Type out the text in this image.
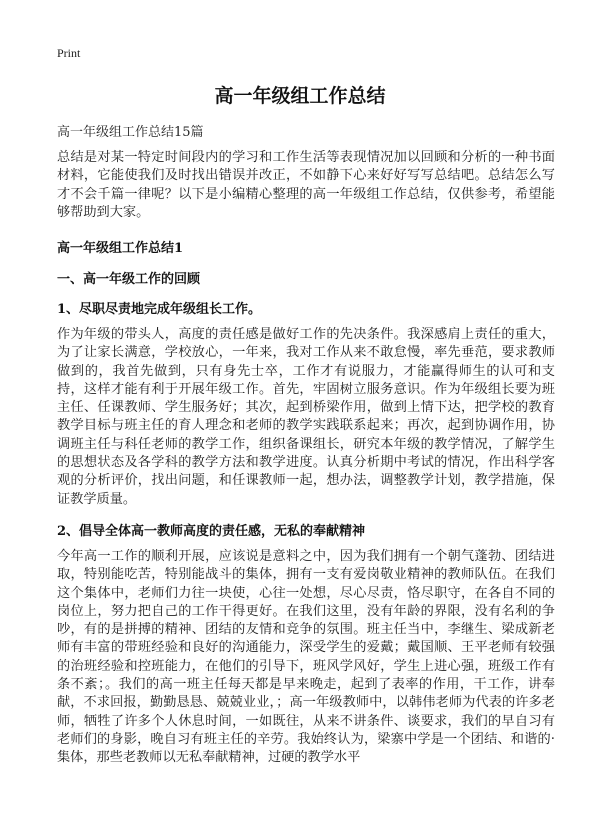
Print
高一年级组工作总结
高一年级组工作总结15篇

总结是对某一特定时间段内的学习和工作生活等表现情况加以回顾和分析的一种书面材料，它能使我们及时找出错误并改正，不如静下心来好好写写总结吧。总结怎么写才不会千篇一律呢？以下是小编精心整理的高一年级组工作总结，仅供参考，希望能够帮助到大家。

高一年级组工作总结1
一、高一年级工作的回顾
1、尽职尽责地完成年级组长工作。

作为年级的带头人，高度的责任感是做好工作的先决条件。我深感肩上责任的重大，为了让家长满意，学校放心，一年来，我对工作从来不敢怠慢，率先垂范，要求教师做到的，我首先做到，只有身先士卒，工作才有说服力，才能赢得师生的认可和支持，这样才能有利于开展年级工作。首先，牢固树立服务意识。作为年级组长要为班主任、任课教师、学生服务好；其次，起到桥梁作用，做到上情下达，把学校的教育教学目标与班主任的育人理念和老师的教学实践联系起来；再次，起到协调作用，协调班主任与科任老师的教学工作，组织备课组长，研究本年级的教学情况，了解学生的思想状态及各学科的教学方法和教学进度。认真分析期中考试的情况，作出科学客观的分析评价，找出问题，和任课教师一起，想办法，调整教学计划，教学措施，保证教学质量。

2、倡导全体高一教师高度的责任感，无私的奉献精神

今年高一工作的顺利开展，应该说是意料之中，因为我们拥有一个朝气蓬勃、团结进取，特别能吃苦，特别能战斗的集体，拥有一支有爱岗敬业精神的教师队伍。在我们这个集体中，老师们力往一块使，心往一处想，尽心尽责，恪尽职守，在各自不同的岗位上，努力把自己的工作干得更好。在我们这里，没有年龄的界限，没有名利的争吵，有的是拼搏的精神、团结的友情和竞争的氛围。班主任当中，李继生、梁成新老师有丰富的带班经验和良好的沟通能力，深受学生的爱戴；戴国顺、王平老师有较强的治班经验和控班能力，在他们的引导下，班风学风好，学生上进心强，班级工作有条不紊；。我们的高一班主任每天都是早来晚走，起到了表率的作用，干工作，讲奉献，不求回报，勤勤恳恳、兢兢业业，；高一年级教师中，以韩伟老师为代表的许多老师，牺牲了许多个人休息时间，一如既往，从来不讲条件、谈要求，我们的早自习有老师们的身影，晚自习有班主任的辛劳。我始终认为，梁寨中学是一个团结、和谐的·集体，那些老教师以无私奉献精神，过硬的教学水平
